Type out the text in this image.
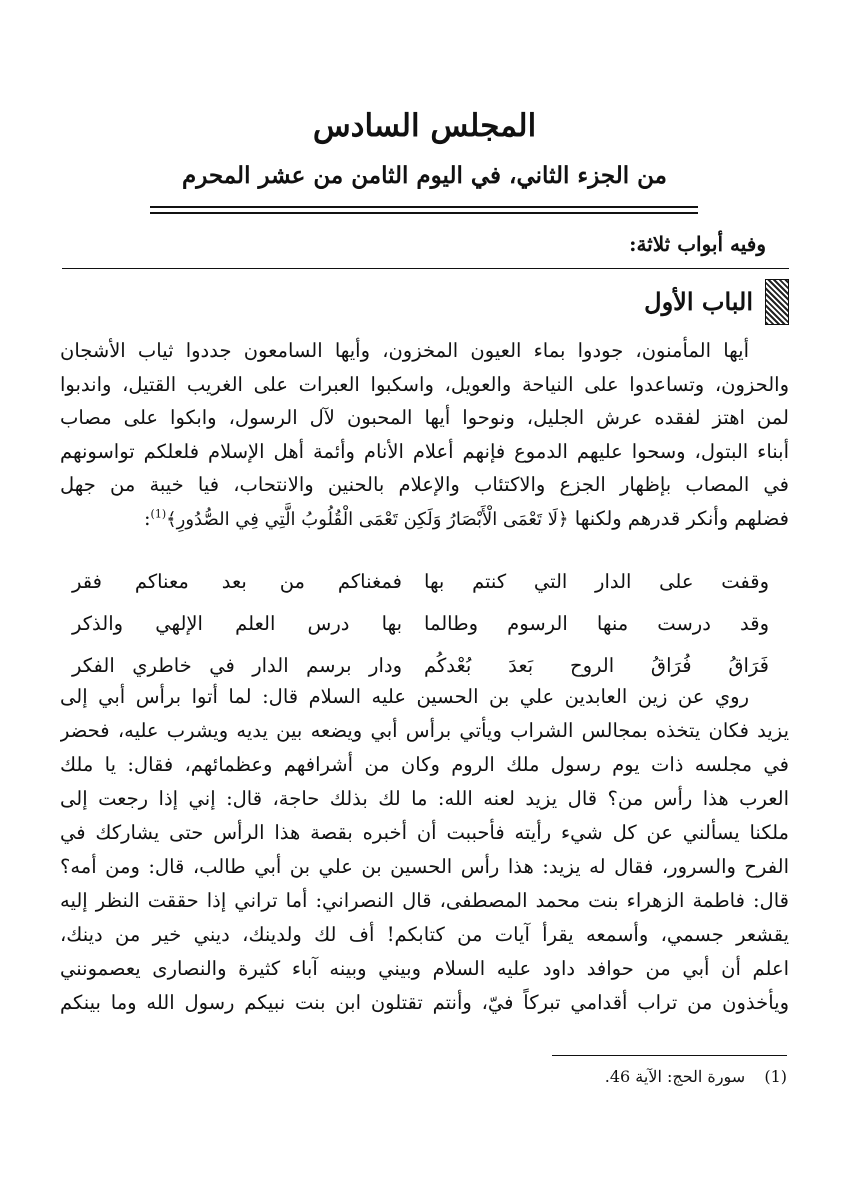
المجلس السادس
من الجزء الثاني، في اليوم الثامن من عشر المحرم

وفيه أبواب ثلاثة:

الباب الأول
أيها المأمنون، جودوا بماء العيون المخزون، وأيها السامعون جددوا ثياب الأشجان
والحزون، وتساعدوا على النياحة والعويل، واسكبوا العبرات على الغريب القتيل، واندبوا
لمن اهتز لفقده عرش الجليل، ونوحوا أيها المحبون لآل الرسول، وابكوا على مصاب
أبناء البتول، وسحوا عليهم الدموع فإنهم أعلام الأنام وأئمة أهل الإسلام فلعلكم تواسونهم
في المصاب بإظهار الجزع والاكتئاب والإعلام بالحنين والانتحاب، فيا خيبة من جهل
فضلهم وأنكر قدرهم ولكنها ﴿لَا تَعْمَى الْأَبْصَارُ وَلَكِن تَعْمَى الْقُلُوبُ الَّتِي فِي الصُّدُورِ﴾$^{(1)}$:
وقفت على الدار التي كنتم بها
فمغناكم من بعد معناكم فقر
وقد درست منها الرسوم وطالما
بها درس العلم الإلهي والذكر
فَرَاقُ فُرَاقُ الروح بَعدَ بُعْدكُم
ودار برسم الدار في خاطري الفكر
روي عن زين العابدين علي بن الحسين عليه السلام قال: لما أتوا برأس أبي إلى
يزيد فكان يتخذه بمجالس الشراب ويأتي برأس أبي ويضعه بين يديه ويشرب عليه، فحضر
في مجلسه ذات يوم رسول ملك الروم وكان من أشرافهم وعظمائهم، فقال: يا ملك
العرب هذا رأس من؟ قال يزيد لعنه الله: ما لك بذلك حاجة، قال: إني إذا رجعت إلى
ملكنا يسألني عن كل شيء رأيته فأحببت أن أخبره بقصة هذا الرأس حتى يشاركك في
الفرح والسرور، فقال له يزيد: هذا رأس الحسين بن علي بن أبي طالب، قال: ومن أمه؟
قال: فاطمة الزهراء بنت محمد المصطفى، قال النصراني: أما تراني إذا حققت النظر إليه
يقشعر جسمي، وأسمعه يقرأ آيات من كتابكم! أف لك ولدينك، ديني خير من دينك،
اعلم أن أبي من حوافد داود عليه السلام وبيني وبينه آباء كثيرة والنصارى يعصمونني
ويأخذون من تراب أقدامي تبركاً فيّ، وأنتم تقتلون ابن بنت نبيكم رسول الله وما بينكم

(1) سورة الحج: الآية 46.
